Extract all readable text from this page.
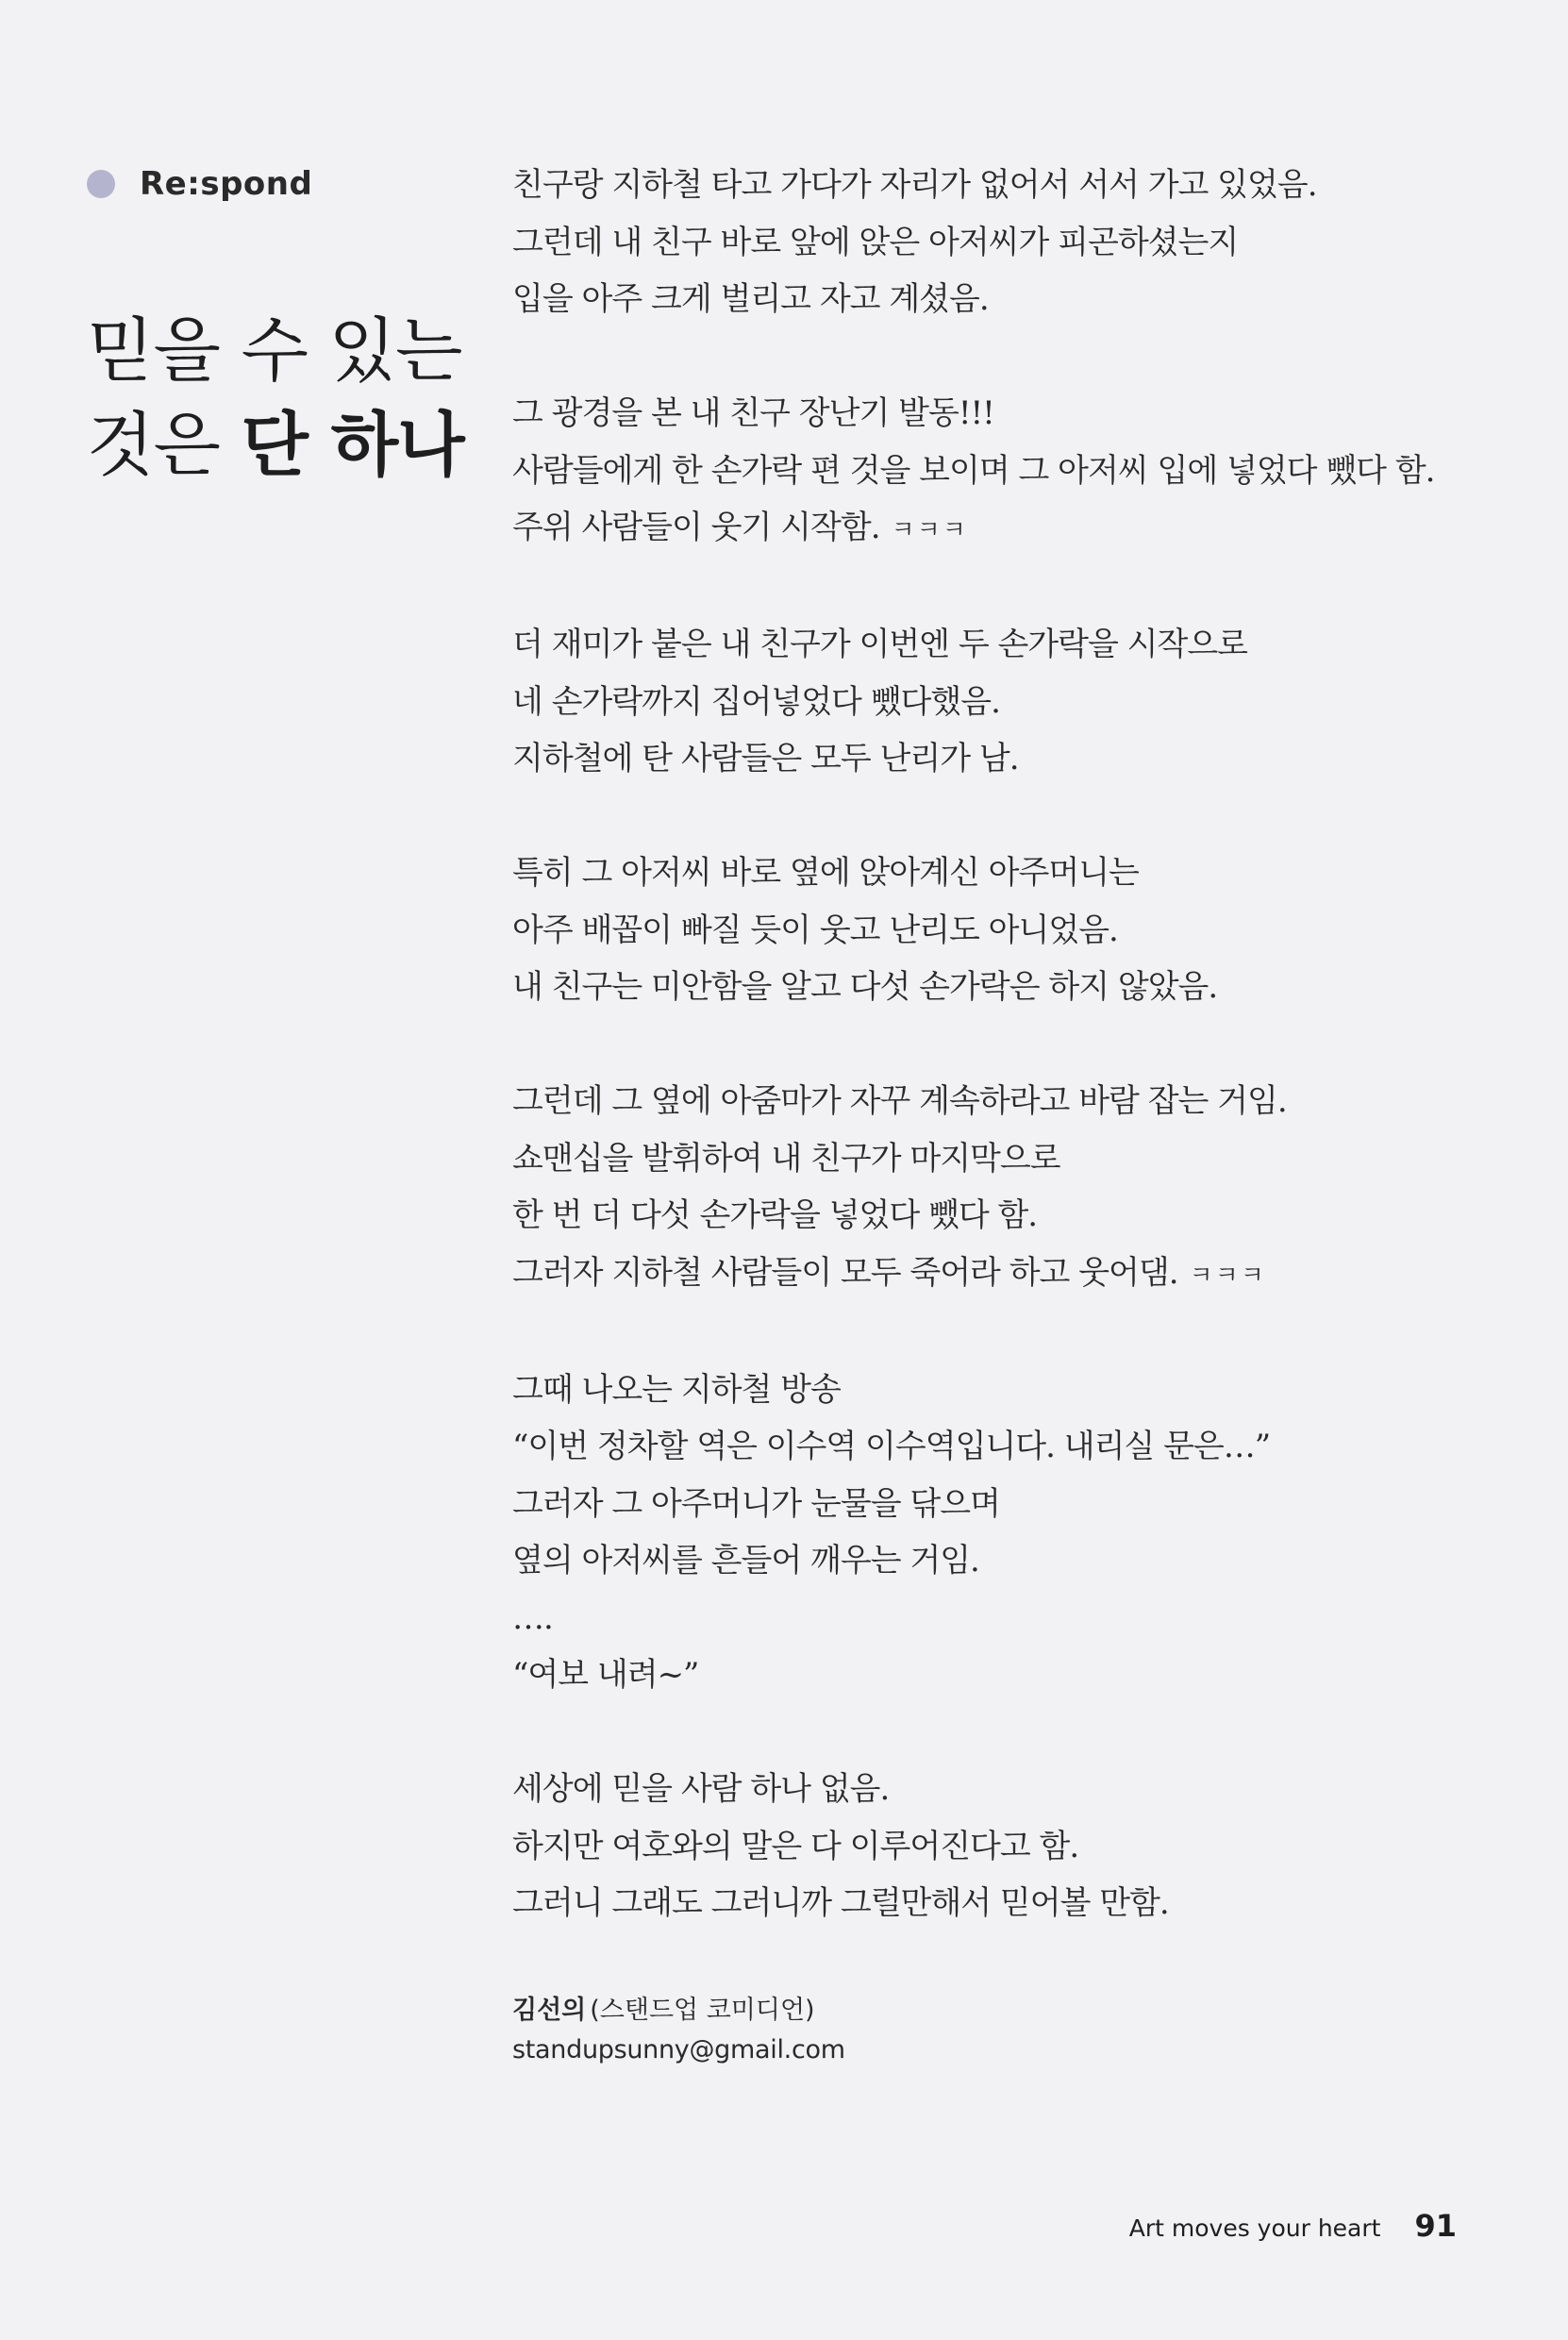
Re:spond
믿을 수 있는
것은 단 하나

친구랑 지하철 타고 가다가 자리가 없어서 서서 가고 있었음.
그런데 내 친구 바로 앞에 앉은 아저씨가 피곤하셨는지
입을 아주 크게 벌리고 자고 계셨음.

그 광경을 본 내 친구 장난기 발동!!!
사람들에게 한 손가락 편 것을 보이며 그 아저씨 입에 넣었다 뺐다 함.
주위 사람들이 웃기 시작함. ㅋㅋㅋ

더 재미가 붙은 내 친구가 이번엔 두 손가락을 시작으로
네 손가락까지 집어넣었다 뺐다했음.
지하철에 탄 사람들은 모두 난리가 남.

특히 그 아저씨 바로 옆에 앉아계신 아주머니는
아주 배꼽이 빠질 듯이 웃고 난리도 아니었음.
내 친구는 미안함을 알고 다섯 손가락은 하지 않았음.

그런데 그 옆에 아줌마가 자꾸 계속하라고 바람 잡는 거임.
쇼맨십을 발휘하여 내 친구가 마지막으로
한 번 더 다섯 손가락을 넣었다 뺐다 함.
그러자 지하철 사람들이 모두 죽어라 하고 웃어댐. ㅋㅋㅋ

그때 나오는 지하철 방송
“이번 정차할 역은 이수역 이수역입니다. 내리실 문은…”
그러자 그 아주머니가 눈물을 닦으며
옆의 아저씨를 흔들어 깨우는 거임.
….
“여보 내려~”

세상에 믿을 사람 하나 없음.
하지만 여호와의 말은 다 이루어진다고 함.
그러니 그래도 그러니까 그럴만해서 믿어볼 만함.

김선의 (스탠드업 코미디언)
standupsunny@gmail.com
Art moves your heart 91
